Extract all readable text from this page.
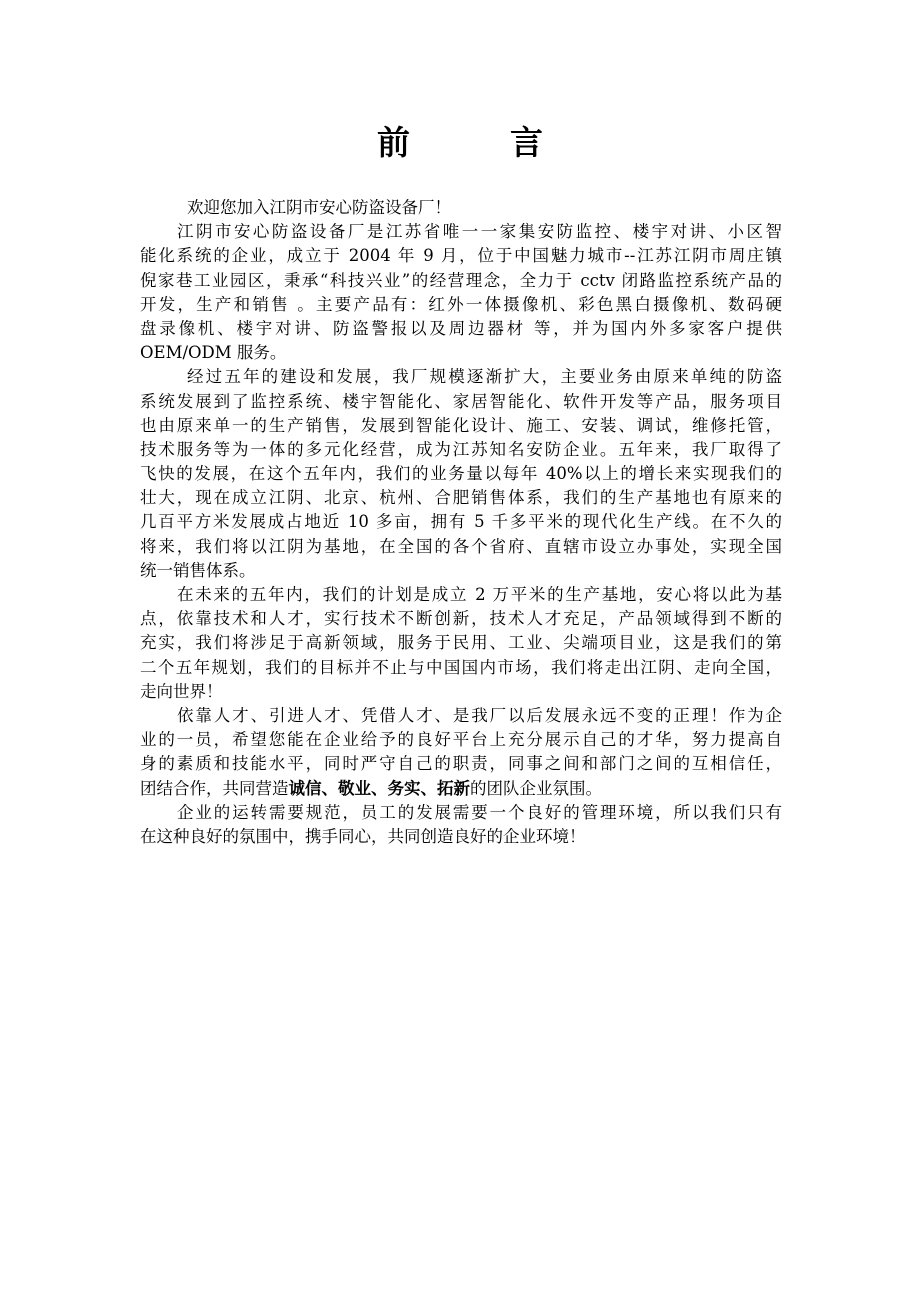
前	言
欢迎您加入江阴市安心防盗设备厂！
江阴市安心防盗设备厂是江苏省唯一一家集安防监控、楼宇对讲、小区智
能化系统的企业，成立于 2004 年 9 月，位于中国魅力城市--江苏江阴市周庄镇
倪家巷工业园区，秉承“科技兴业”的经营理念，全力于 cctv 闭路监控系统产品的
开发，生产和销售 。主要产品有：红外一体摄像机、彩色黑白摄像机、数码硬
盘录像机、楼宇对讲、防盗警报以及周边器材 等，并为国内外多家客户提供
OEM/ODM 服务。
经过五年的建设和发展，我厂规模逐渐扩大，主要业务由原来单纯的防盗
系统发展到了监控系统、楼宇智能化、家居智能化、软件开发等产品，服务项目
也由原来单一的生产销售，发展到智能化设计、施工、安装、调试，维修托管，
技术服务等为一体的多元化经营，成为江苏知名安防企业。五年来，我厂取得了
飞快的发展，在这个五年内，我们的业务量以每年 40%以上的增长来实现我们的
壮大，现在成立江阴、北京、杭州、合肥销售体系，我们的生产基地也有原来的
几百平方米发展成占地近 10 多亩，拥有 5 千多平米的现代化生产线。在不久的
将来，我们将以江阴为基地，在全国的各个省府、直辖市设立办事处，实现全国
统一销售体系。
在未来的五年内，我们的计划是成立 2 万平米的生产基地，安心将以此为基
点，依靠技术和人才，实行技术不断创新，技术人才充足，产品领域得到不断的
充实，我们将涉足于高新领域，服务于民用、工业、尖端项目业，这是我们的第
二个五年规划，我们的目标并不止与中国国内市场，我们将走出江阴、走向全国，
走向世界！
依靠人才、引进人才、凭借人才、是我厂以后发展永远不变的正理！作为企
业的一员，希望您能在企业给予的良好平台上充分展示自己的才华，努力提高自
身的素质和技能水平，同时严守自己的职责，同事之间和部门之间的互相信任，
团结合作，共同营造诚信、敬业、务实、拓新的团队企业氛围。
企业的运转需要规范，员工的发展需要一个良好的管理环境，所以我们只有
在这种良好的氛围中，携手同心，共同创造良好的企业环境！
